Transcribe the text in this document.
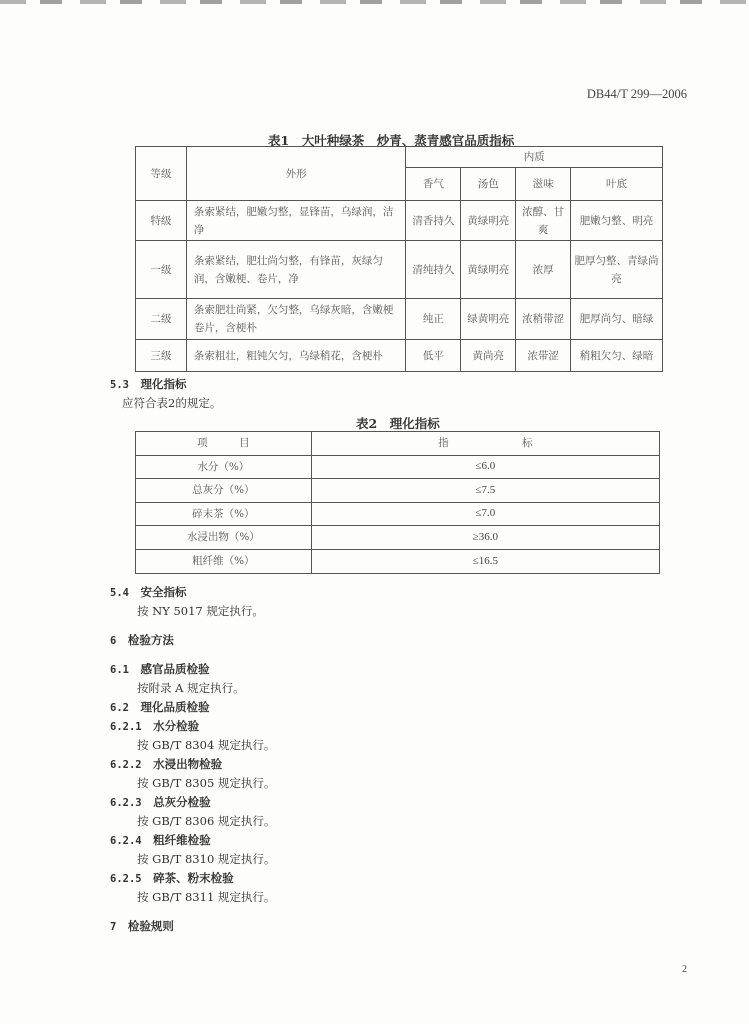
DB44/T 299—2006
表1　大叶种绿茶　炒青、蒸青感官品质指标
等级	外形	内质			
		香气	汤色	滋味	叶底
特级	条索紧结，肥嫩匀整，显锋苗，乌绿润，洁净	清香持久	黄绿明亮	浓醇、甘爽	肥嫩匀整、明亮
一级	条索紧结，肥壮尚匀整，有锋苗，灰绿匀润，含嫩梗、卷片，净	清纯持久	黄绿明亮	浓厚	肥厚匀整、青绿尚亮
二级	条索肥壮尚紧，欠匀整，乌绿灰暗，含嫩梗卷片，含梗朴	纯正	绿黄明亮	浓稍带涩	肥厚尚匀、暗绿
三级	条索粗壮，粗钝欠匀，乌绿稍花，含梗朴	低平	黄尚亮	浓带涩	稍粗欠匀、绿暗
5.3　 理化指标
应符合表2的规定。
表2　理化指标
项　　　目	指　　　　　　　标
水分（%）	≤6.0
总灰分（%）	≤7.5
碎末茶（%）	≤7.0
水浸出物（%）	≥36.0
粗纤维（%）	≤16.5
5.4　 安全指标
按 NY 5017 规定执行。
6　 检验方法
6.1　 感官品质检验
按附录 A 规定执行。
6.2　 理化品质检验
6.2.1　 水分检验
按 GB/T 8304 规定执行。
6.2.2　 水浸出物检验
按 GB/T 8305 规定执行。
6.2.3　 总灰分检验
按 GB/T 8306 规定执行。
6.2.4　 粗纤维检验
按 GB/T 8310 规定执行。
6.2.5　 碎茶、粉末检验
按 GB/T 8311 规定执行。
7　 检验规则
2
